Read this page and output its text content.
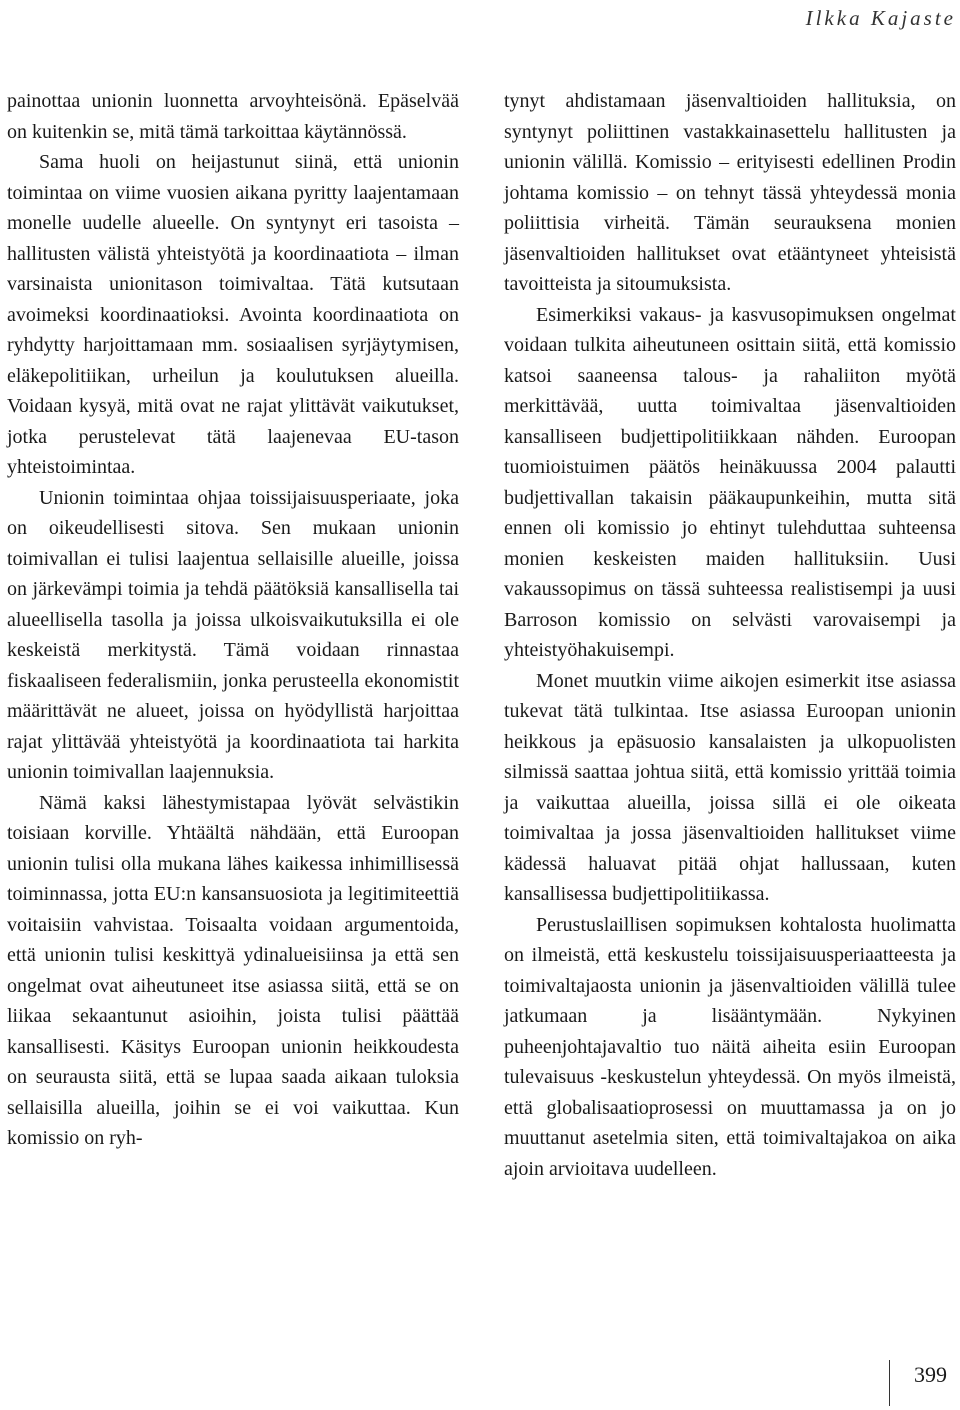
Ilkka Kajaste

painottaa unionin luonnetta arvoyhteisönä. Epäselvää on kuitenkin se, mitä tämä tarkoittaa käytännössä.

Sama huoli on heijastunut siinä, että unionin toimintaa on viime vuosien aikana pyritty laajentamaan monelle uudelle alueelle. On syntynyt eri tasoista – hallitusten välistä yhteistyötä ja koordinaatiota – ilman varsinaista unionitason toimivaltaa. Tätä kutsutaan avoimeksi koordinaatioksi. Avointa koordinaatiota on ryhdytty harjoittamaan mm. sosiaalisen syrjäytymisen, eläkepolitiikan, urheilun ja koulutuksen alueilla. Voidaan kysyä, mitä ovat ne rajat ylittävät vaikutukset, jotka perustelevat tätä laajenevaa EU-tason yhteistoimintaa.

Unionin toimintaa ohjaa toissijaisuusperiaate, joka on oikeudellisesti sitova. Sen mukaan unionin toimivallan ei tulisi laajentua sellaisille alueille, joissa on järkevämpi toimia ja tehdä päätöksiä kansallisella tai alueellisella tasolla ja joissa ulkoisvaikutuksilla ei ole keskeistä merkitystä. Tämä voidaan rinnastaa fiskaaliseen federalismiin, jonka perusteella ekonomistit määrittävät ne alueet, joissa on hyödyllistä harjoittaa rajat ylittävää yhteistyötä ja koordinaatiota tai harkita unionin toimivallan laajennuksia.

Nämä kaksi lähestymistapaa lyövät selvästikin toisiaan korville. Yhtäältä nähdään, että Euroopan unionin tulisi olla mukana lähes kaikessa inhimillisessä toiminnassa, jotta EU:n kansansuosiota ja legitimiteettiä voitaisiin vahvistaa. Toisaalta voidaan argumentoida, että unionin tulisi keskittyä ydinalueisiinsa ja että sen ongelmat ovat aiheutuneet itse asiassa siitä, että se on liikaa sekaantunut asioihin, joista tulisi päättää kansallisesti. Käsitys Euroopan unionin heikkoudesta on seurausta siitä, että se lupaa saada aikaan tuloksia sellaisilla alueilla, joihin se ei voi vaikuttaa. Kun komissio on ryh-

tynyt ahdistamaan jäsenvaltioiden hallituksia, on syntynyt poliittinen vastakkainasettelu hallitusten ja unionin välillä. Komissio – erityisesti edellinen Prodin johtama komissio – on tehnyt tässä yhteydessä monia poliittisia virheitä. Tämän seurauksena monien jäsenvaltioiden hallitukset ovat etääntyneet yhteisistä tavoitteista ja sitoumuksista.

Esimerkiksi vakaus- ja kasvusopimuksen ongelmat voidaan tulkita aiheutuneen osittain siitä, että komissio katsoi saaneensa talous- ja rahaliiton myötä merkittävää, uutta toimivaltaa jäsenvaltioiden kansalliseen budjettipolitiikkaan nähden. Euroopan tuomioistuimen päätös heinäkuussa 2004 palautti budjettivallan takaisin pääkaupunkeihin, mutta sitä ennen oli komissio jo ehtinyt tulehduttaa suhteensa monien keskeisten maiden hallituksiin. Uusi vakaussopimus on tässä suhteessa realistisempi ja uusi Barroson komissio on selvästi varovaisempi ja yhteistyöhakuisempi.

Monet muutkin viime aikojen esimerkit itse asiassa tukevat tätä tulkintaa. Itse asiassa Euroopan unionin heikkous ja epäsuosio kansalaisten ja ulkopuolisten silmissä saattaa johtua siitä, että komissio yrittää toimia ja vaikuttaa alueilla, joissa sillä ei ole oikeata toimivaltaa ja jossa jäsenvaltioiden hallitukset viime kädessä haluavat pitää ohjat hallussaan, kuten kansallisessa budjettipolitiikassa.

Perustuslaillisen sopimuksen kohtalosta huolimatta on ilmeistä, että keskustelu toissijaisuusperiaatteesta ja toimivaltajaosta unionin ja jäsenvaltioiden välillä tulee jatkumaan ja lisääntymään. Nykyinen puheenjohtajavaltio tuo näitä aiheita esiin Euroopan tulevaisuus -keskustelun yhteydessä. On myös ilmeistä, että globalisaatioprosessi on muuttamassa ja on jo muuttanut asetelmia siten, että toimivaltajakoa on aika ajoin arvioitava uudelleen.

399
